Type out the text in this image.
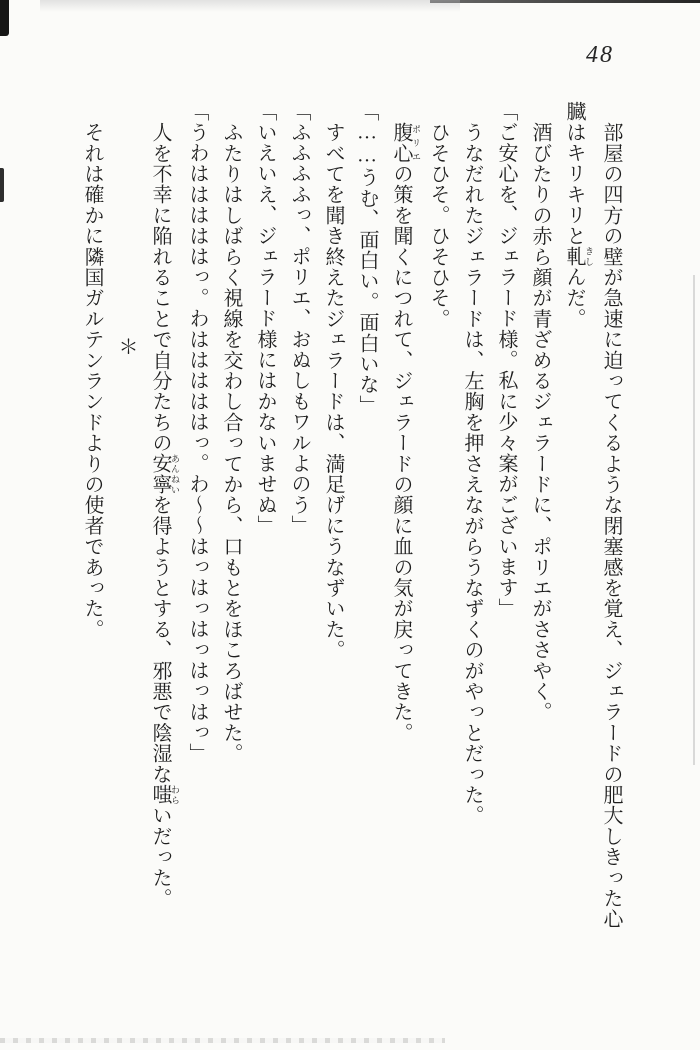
48

部屋の四方の壁が急速に迫ってくるような閉塞感を覚え、ジェラードの肥大しきった心

臓はキリキリと軋 きしんだ。

酒びたりの赤ら顔が青ざめるジェラードに、ポリエがささやく。

「ご安心を、ジェラード様。私に少々案がございます」

うなだれたジェラードは、左胸を押さえながらうなずくのがやっとだった。

ひそひそ。ひそひそ。

腹心 ポリエの策を聞くにつれて、ジェラードの顔に血の気が戻ってきた。

「……うむ、面白い。面白いな」

すべてを聞き終えたジェラードは、満足げにうなずいた。

「ふふふふっ、ポリエ、おぬしもワルよのう」

「いえいえ、ジェラード様にはかないませぬ」

ふたりはしばらく視線を交わし合ってから、口もとをほころばせた。

「うわはははははっ。わはははははっ。わ～～はっはっはっはっはっ」

人を不幸に陥れることで自分たちの安寧 あんねいを得ようとする、邪悪で陰湿な嗤 わらいだった。

＊

それは確かに隣国ガルテンランドよりの使者であった。
